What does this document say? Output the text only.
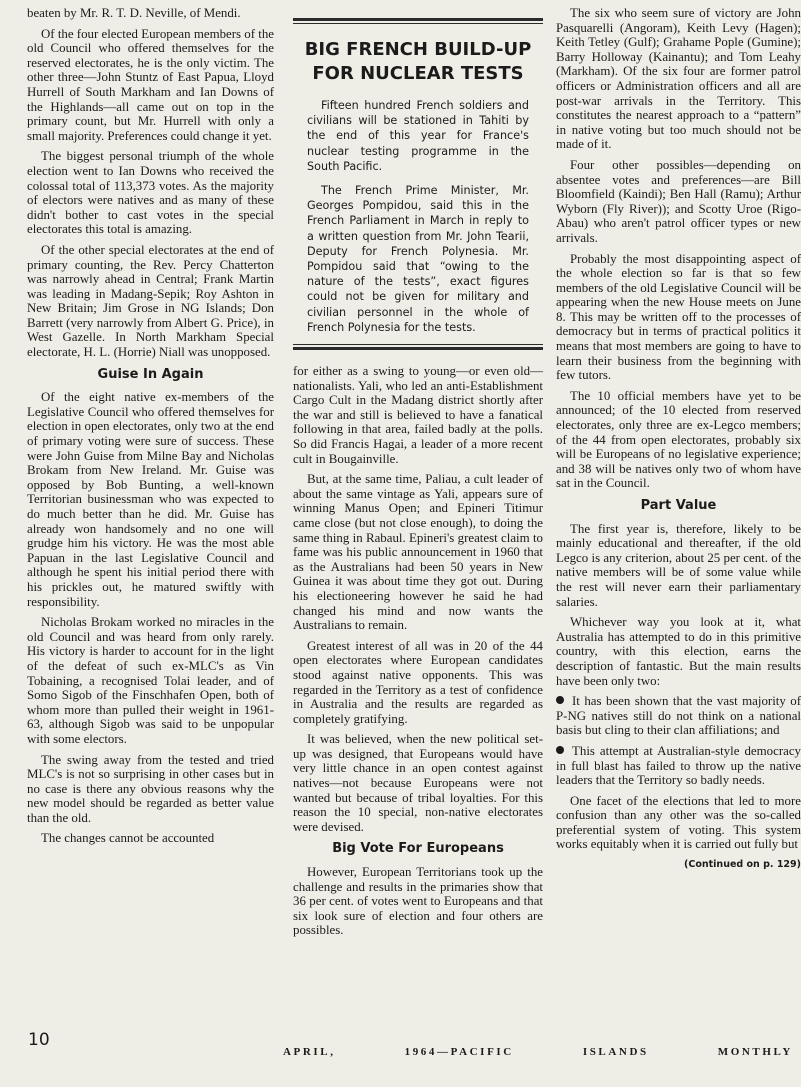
beaten by Mr. R. T. D. Neville, of Mendi.

Of the four elected European members of the old Council who offered themselves for the reserved electorates, he is the only victim. The other three—John Stuntz of East Papua, Lloyd Hurrell of South Markham and Ian Downs of the Highlands—all came out on top in the primary count, but Mr. Hurrell with only a small majority. Preferences could change it yet.

The biggest personal triumph of the whole election went to Ian Downs who received the colossal total of 113,373 votes. As the majority of electors were natives and as many of these didn't bother to cast votes in the special electorates this total is amazing.

Of the other special electorates at the end of primary counting, the Rev. Percy Chatterton was narrowly ahead in Central; Frank Martin was leading in Madang-Sepik; Roy Ashton in New Britain; Jim Grose in NG Islands; Don Barrett (very narrowly from Albert G. Price), in West Gazelle. In North Markham Special electorate, H. L. (Horrie) Niall was unopposed.

Guise In Again

Of the eight native ex-members of the Legislative Council who offered themselves for election in open electorates, only two at the end of primary voting were sure of success. These were John Guise from Milne Bay and Nicholas Brokam from New Ireland. Mr. Guise was opposed by Bob Bunting, a well-known Territorian businessman who was expected to do much better than he did. Mr. Guise has already won handsomely and no one will grudge him his victory. He was the most able Papuan in the last Legislative Council and although he spent his initial period there with his prickles out, he matured swiftly with responsibility.

Nicholas Brokam worked no miracles in the old Council and was heard from only rarely. His victory is harder to account for in the light of the defeat of such ex-MLC's as Vin Tobaining, a recognised Tolai leader, and of Somo Sigob of the Finschhafen Open, both of whom more than pulled their weight in 1961-63, although Sigob was said to be unpopular with some electors.

The swing away from the tested and tried MLC's is not so surprising in other cases but in no case is there any obvious reasons why the new model should be regarded as better value than the old.

The changes cannot be accounted

BIG FRENCH BUILD-UP FOR NUCLEAR TESTS

Fifteen hundred French soldiers and civilians will be stationed in Tahiti by the end of this year for France's nuclear testing programme in the South Pacific.

The French Prime Minister, Mr. Georges Pompidou, said this in the French Parliament in March in reply to a written question from Mr. John Tearii, Deputy for French Polynesia. Mr. Pompidou said that “owing to the nature of the tests”, exact figures could not be given for military and civilian personnel in the whole of French Polynesia for the tests.

for either as a swing to young—or even old—nationalists. Yali, who led an anti-Establishment Cargo Cult in the Madang district shortly after the war and still is believed to have a fanatical following in that area, failed badly at the polls. So did Francis Hagai, a leader of a more recent cult in Bougainville.

But, at the same time, Paliau, a cult leader of about the same vintage as Yali, appears sure of winning Manus Open; and Epineri Titimur came close (but not close enough), to doing the same thing in Rabaul. Epineri's greatest claim to fame was his public announcement in 1960 that as the Australians had been 50 years in New Guinea it was about time they got out. During his electioneering however he said he had changed his mind and now wants the Australians to remain.

Greatest interest of all was in 20 of the 44 open electorates where European candidates stood against native opponents. This was regarded in the Territory as a test of confidence in Australia and the results are regarded as completely gratifying.

It was believed, when the new political set-up was designed, that Europeans would have very little chance in an open contest against natives—not because Europeans were not wanted but because of tribal loyalties. For this reason the 10 special, non-native electorates were devised.

Big Vote For Europeans

However, European Territorians took up the challenge and results in the primaries show that 36 per cent. of votes went to Europeans and that six look sure of election and four others are possibles.

The six who seem sure of victory are John Pasquarelli (Angoram), Keith Levy (Hagen); Keith Tetley (Gulf); Grahame Pople (Gumine); Barry Holloway (Kainantu); and Tom Leahy (Markham). Of the six four are former patrol officers or Administration officers and all are post-war arrivals in the Territory. This constitutes the nearest approach to a “pattern” in native voting but too much should not be made of it.

Four other possibles—depending on absentee votes and preferences—are Bill Bloomfield (Kaindi); Ben Hall (Ramu); Arthur Wyborn (Fly River)); and Scotty Uroe (Rigo-Abau) who aren't patrol officer types or new arrivals.

Probably the most disappointing aspect of the whole election so far is that so few members of the old Legislative Council will be appearing when the new House meets on June 8. This may be written off to the processes of democracy but in terms of practical politics it means that most members are going to have to learn their business from the beginning with few tutors.

The 10 official members have yet to be announced; of the 10 elected from reserved electorates, only three are ex-Legco members; of the 44 from open electorates, probably six will be Europeans of no legislative experience; and 38 will be natives only two of whom have sat in the Council.

Part Value

The first year is, therefore, likely to be mainly educational and thereafter, if the old Legco is any criterion, about 25 per cent. of the native members will be of some value while the rest will never earn their parliamentary salaries.

Whichever way you look at it, what Australia has attempted to do in this primitive country, with this election, earns the description of fantastic. But the main results have been only two:

It has been shown that the vast majority of P-NG natives still do not think on a national basis but cling to their clan affiliations; and

This attempt at Australian-style democracy in full blast has failed to throw up the native leaders that the Territory so badly needs.

One facet of the elections that led to more confusion than any other was the so-called preferential system of voting. This system works equitably when it is carried out fully but

(Continued on p. 129)
10
APRIL,	1964—PACIFIC	ISLANDS	MONTHLY
